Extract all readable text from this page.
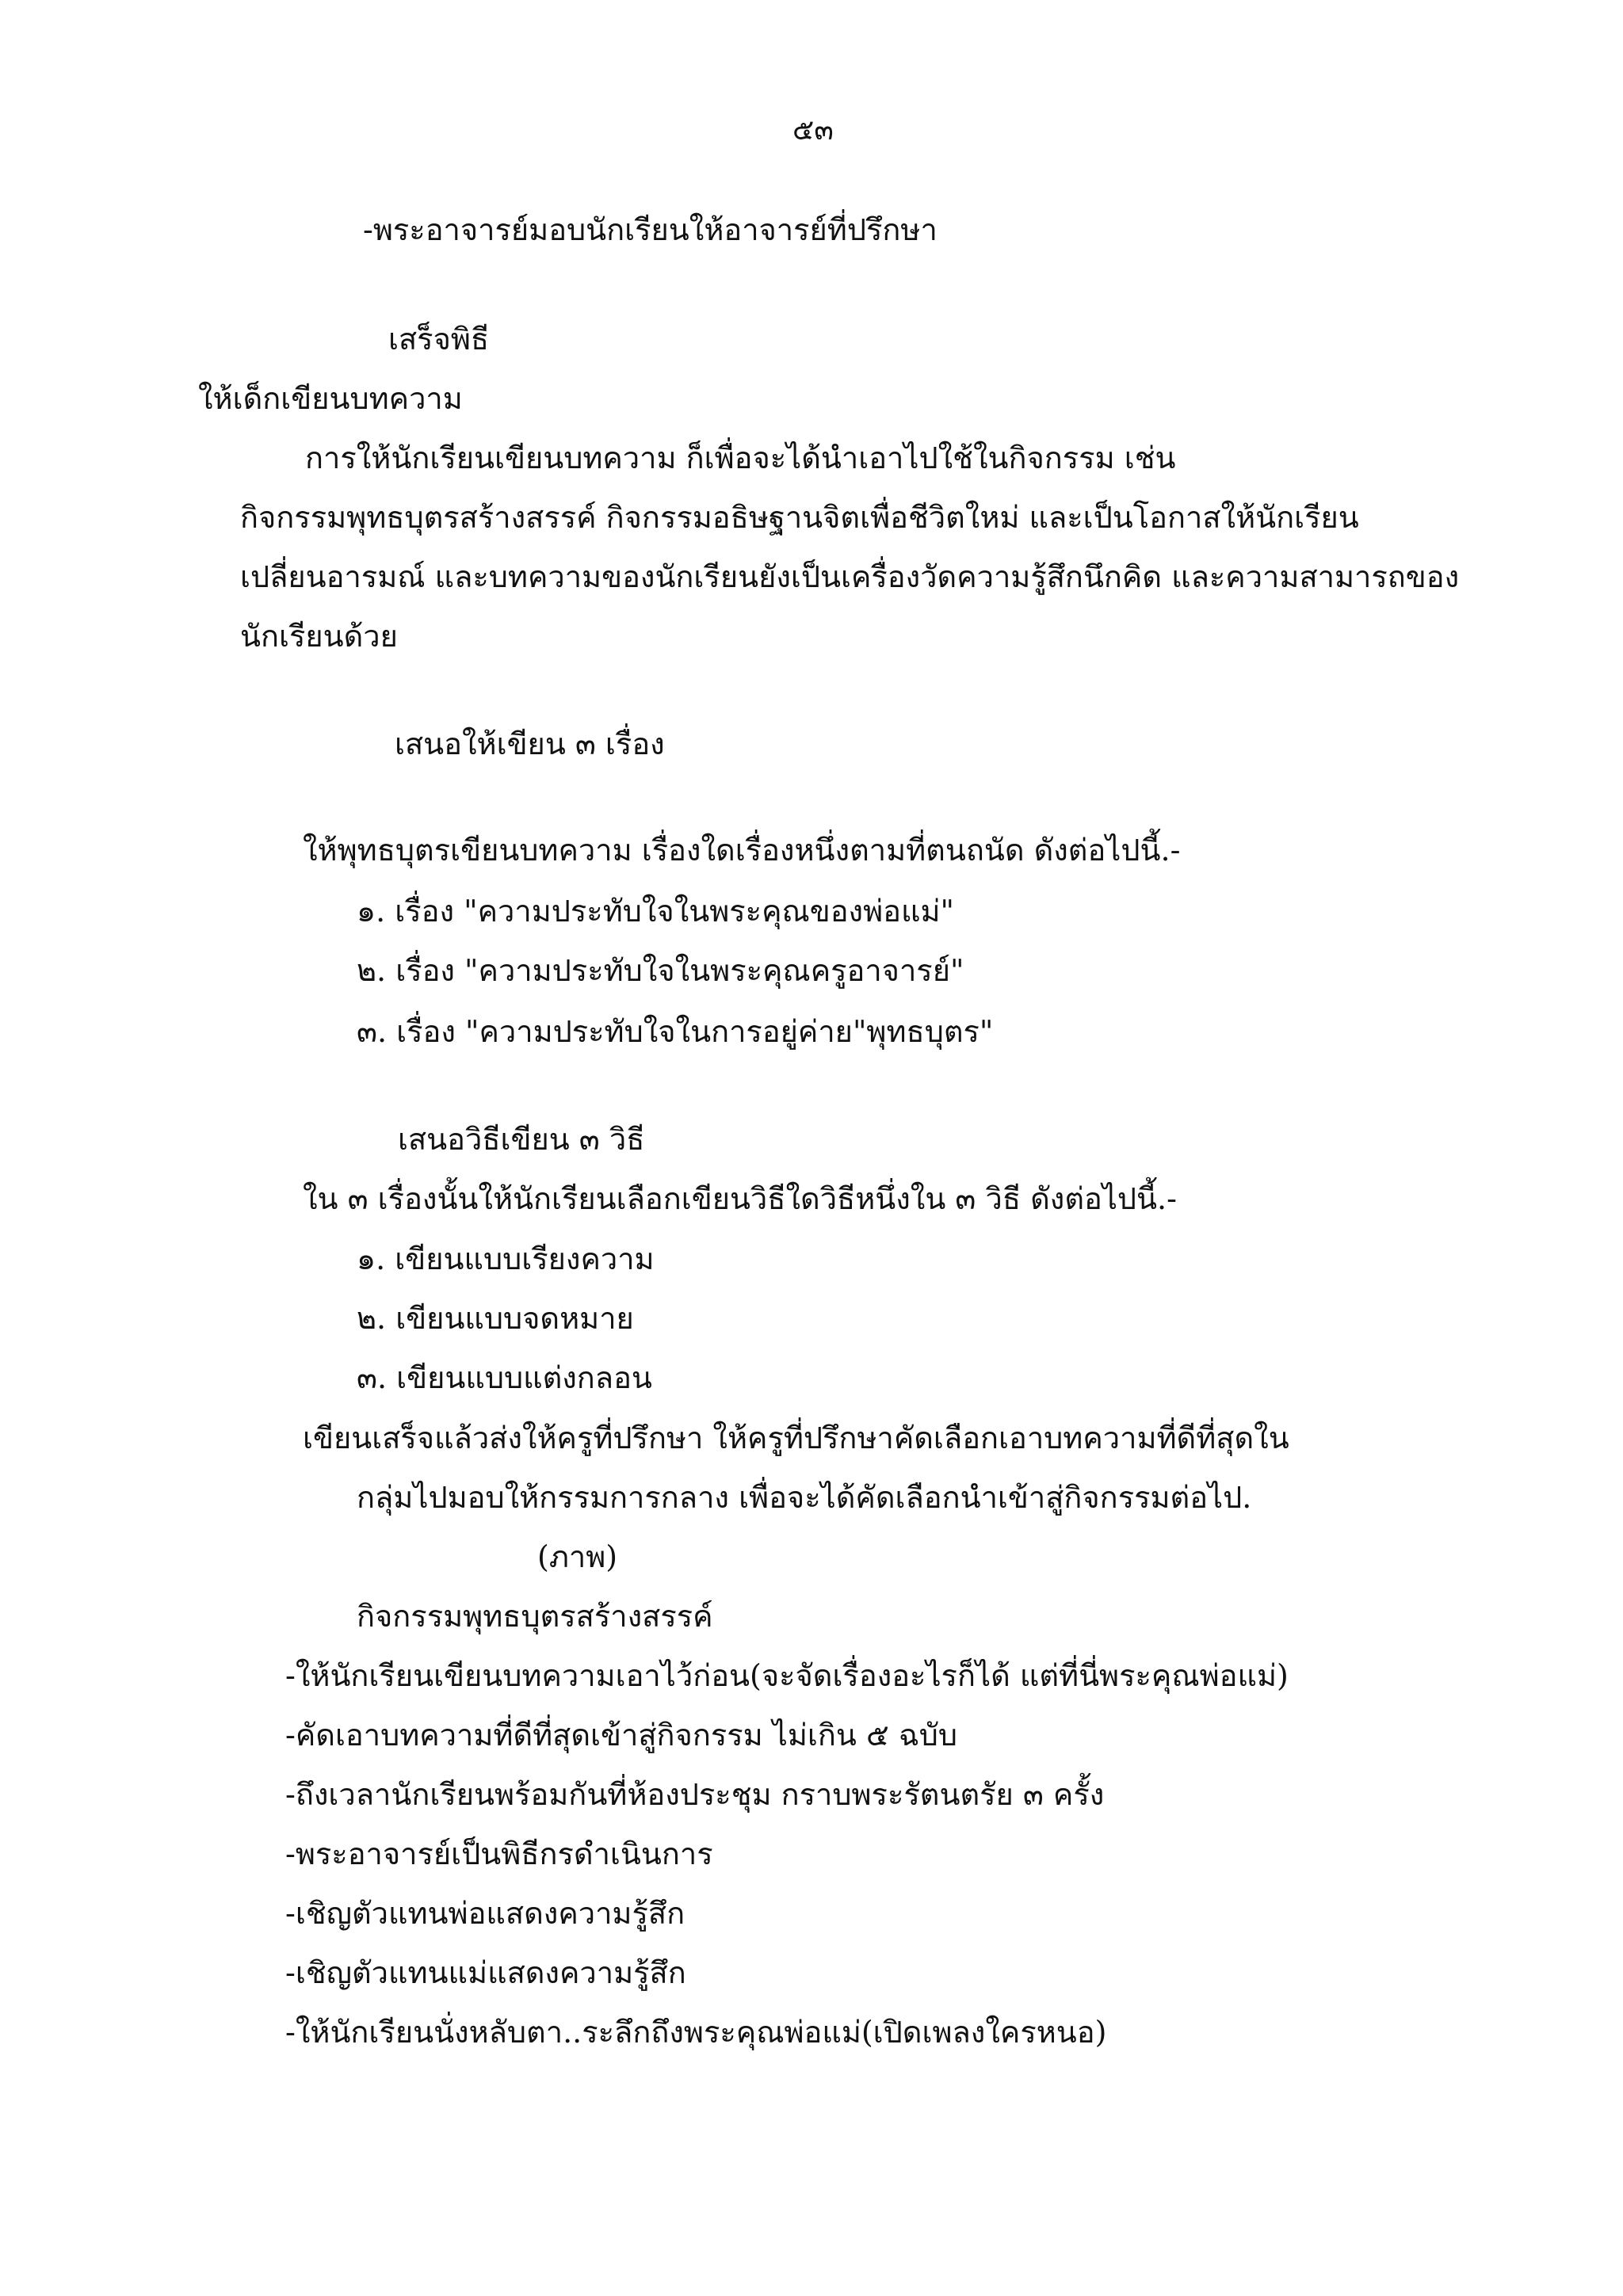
๕๓
-พระอาจารย์มอบนักเรียนให้อาจารย์ที่ปรึกษา
เสร็จพิธี
ให้เด็กเขียนบทความ
การให้นักเรียนเขียนบทความ ก็เพื่อจะได้นำเอาไปใช้ในกิจกรรม เช่น
กิจกรรมพุทธบุตรสร้างสรรค์ กิจกรรมอธิษฐานจิตเพื่อชีวิตใหม่ และเป็นโอกาสให้นักเรียน
เปลี่ยนอารมณ์ และบทความของนักเรียนยังเป็นเครื่องวัดความรู้สึกนึกคิด และความสามารถของ
นักเรียนด้วย
เสนอให้เขียน ๓ เรื่อง
ให้พุทธบุตรเขียนบทความ เรื่องใดเรื่องหนึ่งตามที่ตนถนัด ดังต่อไปนี้.-
๑. เรื่อง "ความประทับใจในพระคุณของพ่อแม่"
๒. เรื่อง "ความประทับใจในพระคุณครูอาจารย์"
๓. เรื่อง "ความประทับใจในการอยู่ค่าย"พุทธบุตร"
เสนอวิธีเขียน ๓ วิธี
ใน ๓ เรื่องนั้นให้นักเรียนเลือกเขียนวิธีใดวิธีหนึ่งใน ๓ วิธี ดังต่อไปนี้.-
๑. เขียนแบบเรียงความ
๒. เขียนแบบจดหมาย
๓. เขียนแบบแต่งกลอน
เขียนเสร็จแล้วส่งให้ครูที่ปรึกษา ให้ครูที่ปรึกษาคัดเลือกเอาบทความที่ดีที่สุดใน
กลุ่มไปมอบให้กรรมการกลาง เพื่อจะได้คัดเลือกนำเข้าสู่กิจกรรมต่อไป.
(ภาพ)
กิจกรรมพุทธบุตรสร้างสรรค์
-ให้นักเรียนเขียนบทความเอาไว้ก่อน(จะจัดเรื่องอะไรก็ได้ แต่ที่นี่พระคุณพ่อแม่)
-คัดเอาบทความที่ดีที่สุดเข้าสู่กิจกรรม ไม่เกิน ๕ ฉบับ
-ถึงเวลานักเรียนพร้อมกันที่ห้องประชุม กราบพระรัตนตรัย ๓ ครั้ง
-พระอาจารย์เป็นพิธีกรดำเนินการ
-เชิญตัวแทนพ่อแสดงความรู้สึก
-เชิญตัวแทนแม่แสดงความรู้สึก
-ให้นักเรียนนั่งหลับตา..ระลึกถึงพระคุณพ่อแม่(เปิดเพลงใครหนอ)
